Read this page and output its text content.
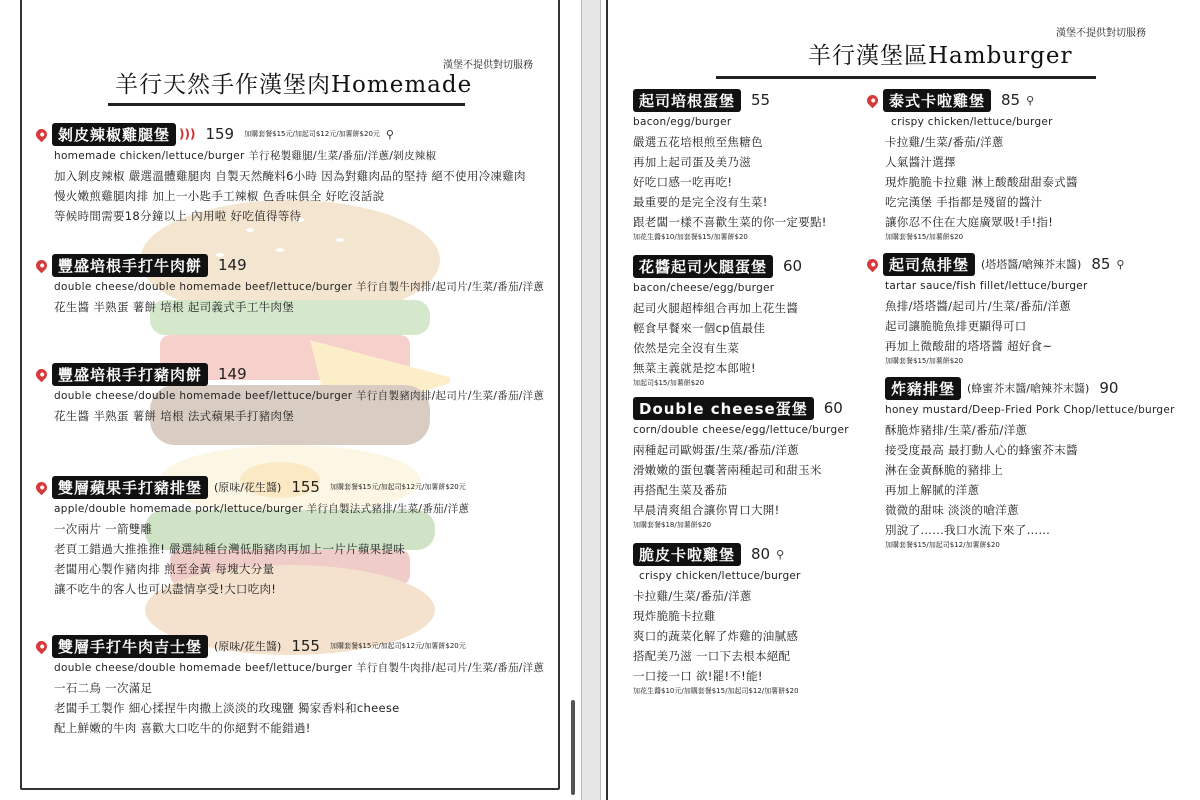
羊行天然手作漢堡肉Homemade
漢堡不提供對切服務
剝皮辣椒雞腿堡 ))) 159 加購套餐$15元/加起司$12元/加薯餅$20元 ⚲
homemade chicken/lettuce/burger 羊行秘製雞腿/生菜/番茄/洋蔥/剝皮辣椒
加入剝皮辣椒 嚴選溫體雞腿肉 自製天然醃料6小時 因為對雞肉品的堅持 絕不使用冷凍雞肉
慢火嫩煎雞腿肉排 加上一小匙手工辣椒 色香味俱全 好吃沒話說
等候時間需要18分鐘以上 內用啦 好吃值得等待
豐盛培根手打牛肉餅	149
double cheese/double homemade beef/lettuce/burger 羊行自製牛肉排/起司片/生菜/番茄/洋蔥
花生醬 半熟蛋 薯餅 培根 起司義式手工牛肉堡
豐盛培根手打豬肉餅	149
double cheese/double homemade beef/lettuce/burger 羊行自製豬肉排/起司片/生菜/番茄/洋蔥
花生醬 半熟蛋 薯餅 培根 法式蘋果手打豬肉堡
雙層蘋果手打豬排堡	(原味/花生醬) 155 加購套餐$15元/加起司$12元/加薯餅$20元
apple/double homemade pork/lettuce/burger 羊行自製法式豬排/生菜/番茄/洋蔥
一次兩片 一箭雙雕
老頁工錯過大推推推! 嚴選純種台灣低脂豬肉再加上一片片蘋果提味
老闆用心製作豬肉排 煎至金黃 每塊大分量
讓不吃牛的客人也可以盡情享受!大口吃肉!
雙層手打牛肉吉士堡	(原味/花生醬) 155 加購套餐$15元/加起司$12元/加薯餅$20元
double cheese/double homemade beef/lettuce/burger 羊行自製牛肉排/起司片/生菜/番茄/洋蔥
一石二鳥 一次滿足
老闆手工製作 細心揉捏牛肉撒上淡淡的玫瑰鹽 獨家香料和cheese
配上鮮嫩的牛肉 喜歡大口吃牛的你絕對不能錯過!
羊行漢堡區Hamburger
漢堡不提供對切服務
起司培根蛋堡	55
bacon/egg/burger
嚴選五花培根煎至焦糖色
再加上起司蛋及美乃滋
好吃口感一吃再吃!
最重要的是完全沒有生菜!
跟老闆一樣不喜歡生菜的你一定要點!
加花生醬$10/加套餐$15/加薯餅$20
花醬起司火腿蛋堡	60
bacon/cheese/egg/burger
起司火腿超棒組合再加上花生醬
輕食早餐來一個cp值最佳
依然是完全沒有生菜
無菜主義就是挖本郎啦!
加起司$15/加薯餅$20
Double cheese蛋堡	60
corn/double cheese/egg/lettuce/burger
兩種起司歐姆蛋/生菜/番茄/洋蔥
滑嫩嫩的蛋包囊著兩種起司和甜玉米
再搭配生菜及番茄
早晨清爽組合讓你胃口大開!
加購套餐$18/加薯餅$20
脆皮卡啦雞堡	80 ⚲
crispy chicken/lettuce/burger
卡拉雞/生菜/番茄/洋蔥
現炸脆脆卡拉雞
爽口的蔬菜化解了炸雞的油膩感
搭配美乃滋 一口下去根本絕配
一口接一口 欲!罷!不!能!
加花生醬$10元/加購套餐$15/加起司$12/加薯餅$20
泰式卡啦雞堡	85 ⚲
crispy chicken/lettuce/burger
卡拉雞/生菜/番茄/洋蔥
人氣醬汁選擇
現炸脆脆卡拉雞 淋上酸酸甜甜泰式醬
吃完漢堡 手指都是殘留的醬汁
讓你忍不住在大庭廣眾吸!手!指!
加購套餐$15/加薯餅$20
起司魚排堡	(塔塔醬/嗆辣芥末醬) 85 ⚲
tartar sauce/fish fillet/lettuce/burger
魚排/塔塔醬/起司片/生菜/番茄/洋蔥
起司讓脆脆魚排更顯得可口
再加上微酸甜的塔塔醬 超好食~
加購套餐$15/加薯餅$20
炸豬排堡	(蜂蜜芥末醬/嗆辣芥末醬) 90
honey mustard/Deep-Fried Pork Chop/lettuce/burger
酥脆炸豬排/生菜/番茄/洋蔥
接受度最高 最打動人心的蜂蜜芥末醬
淋在金黃酥脆的豬排上
再加上解膩的洋蔥
微微的甜味 淡淡的嗆洋蔥
別說了……我口水流下來了……
加購套餐$15/加起司$12/加薯餅$20
